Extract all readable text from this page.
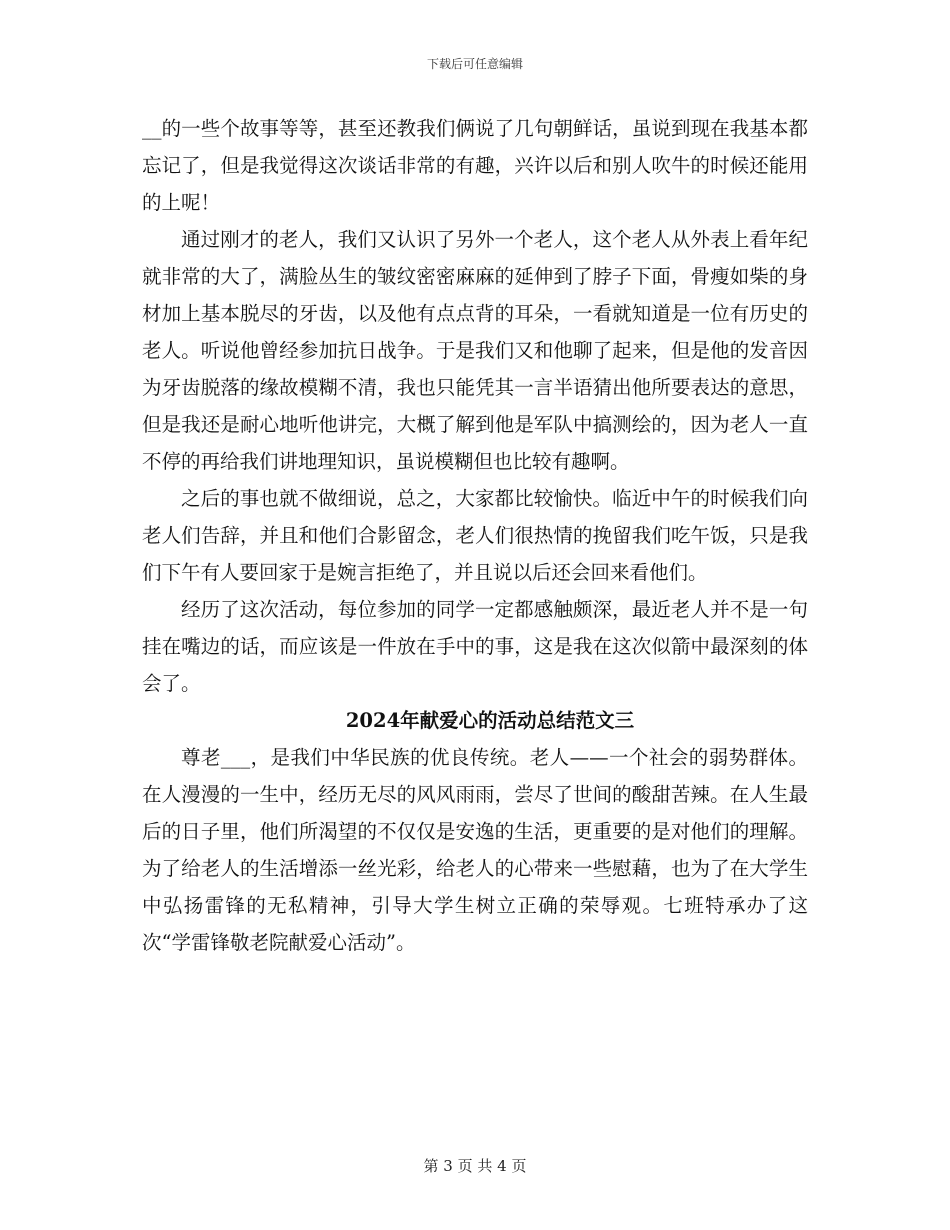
下载后可任意编辑

__的一些个故事等等，甚至还教我们俩说了几句朝鲜话，虽说到现在我基本都忘记了，但是我觉得这次谈话非常的有趣，兴许以后和别人吹牛的时候还能用的上呢！

通过刚才的老人，我们又认识了另外一个老人，这个老人从外表上看年纪就非常的大了，满脸丛生的皱纹密密麻麻的延伸到了脖子下面，骨瘦如柴的身材加上基本脱尽的牙齿，以及他有点点背的耳朵，一看就知道是一位有历史的老人。听说他曾经参加抗日战争。于是我们又和他聊了起来，但是他的发音因为牙齿脱落的缘故模糊不清，我也只能凭其一言半语猜出他所要表达的意思，但是我还是耐心地听他讲完，大概了解到他是军队中搞测绘的，因为老人一直不停的再给我们讲地理知识，虽说模糊但也比较有趣啊。

之后的事也就不做细说，总之，大家都比较愉快。临近中午的时候我们向老人们告辞，并且和他们合影留念，老人们很热情的挽留我们吃午饭，只是我们下午有人要回家于是婉言拒绝了，并且说以后还会回来看他们。

经历了这次活动，每位参加的同学一定都感触颇深，最近老人并不是一句挂在嘴边的话，而应该是一件放在手中的事，这是我在这次似箭中最深刻的体会了。

2024年献爱心的活动总结范文三

尊老___，是我们中华民族的优良传统。老人——一个社会的弱势群体。在人漫漫的一生中，经历无尽的风风雨雨，尝尽了世间的酸甜苦辣。在人生最后的日子里，他们所渴望的不仅仅是安逸的生活，更重要的是对他们的理解。为了给老人的生活增添一丝光彩，给老人的心带来一些慰藉，也为了在大学生中弘扬雷锋的无私精神，引导大学生树立正确的荣辱观。七班特承办了这次“学雷锋敬老院献爱心活动”。

第 3 页 共 4 页
